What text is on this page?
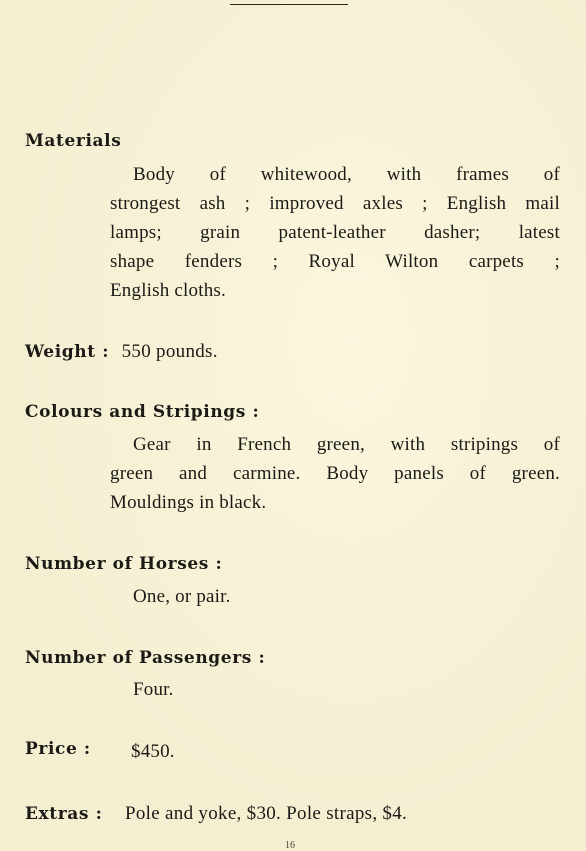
Materials
Body of whitewood, with frames of
strongest ash ; improved axles ; English mail
lamps; grain patent-leather dasher; latest
shape fenders ; Royal Wilton carpets ;
English cloths.
Weight : 550 pounds.
Colours and Stripings :
Gear in French green, with stripings of
green and carmine. Body panels of green.
Mouldings in black.
Number of Horses :
One, or pair.
Number of Passengers :
Four.
Price : $450.
Extras : Pole and yoke, $30. Pole straps, $4.
16
